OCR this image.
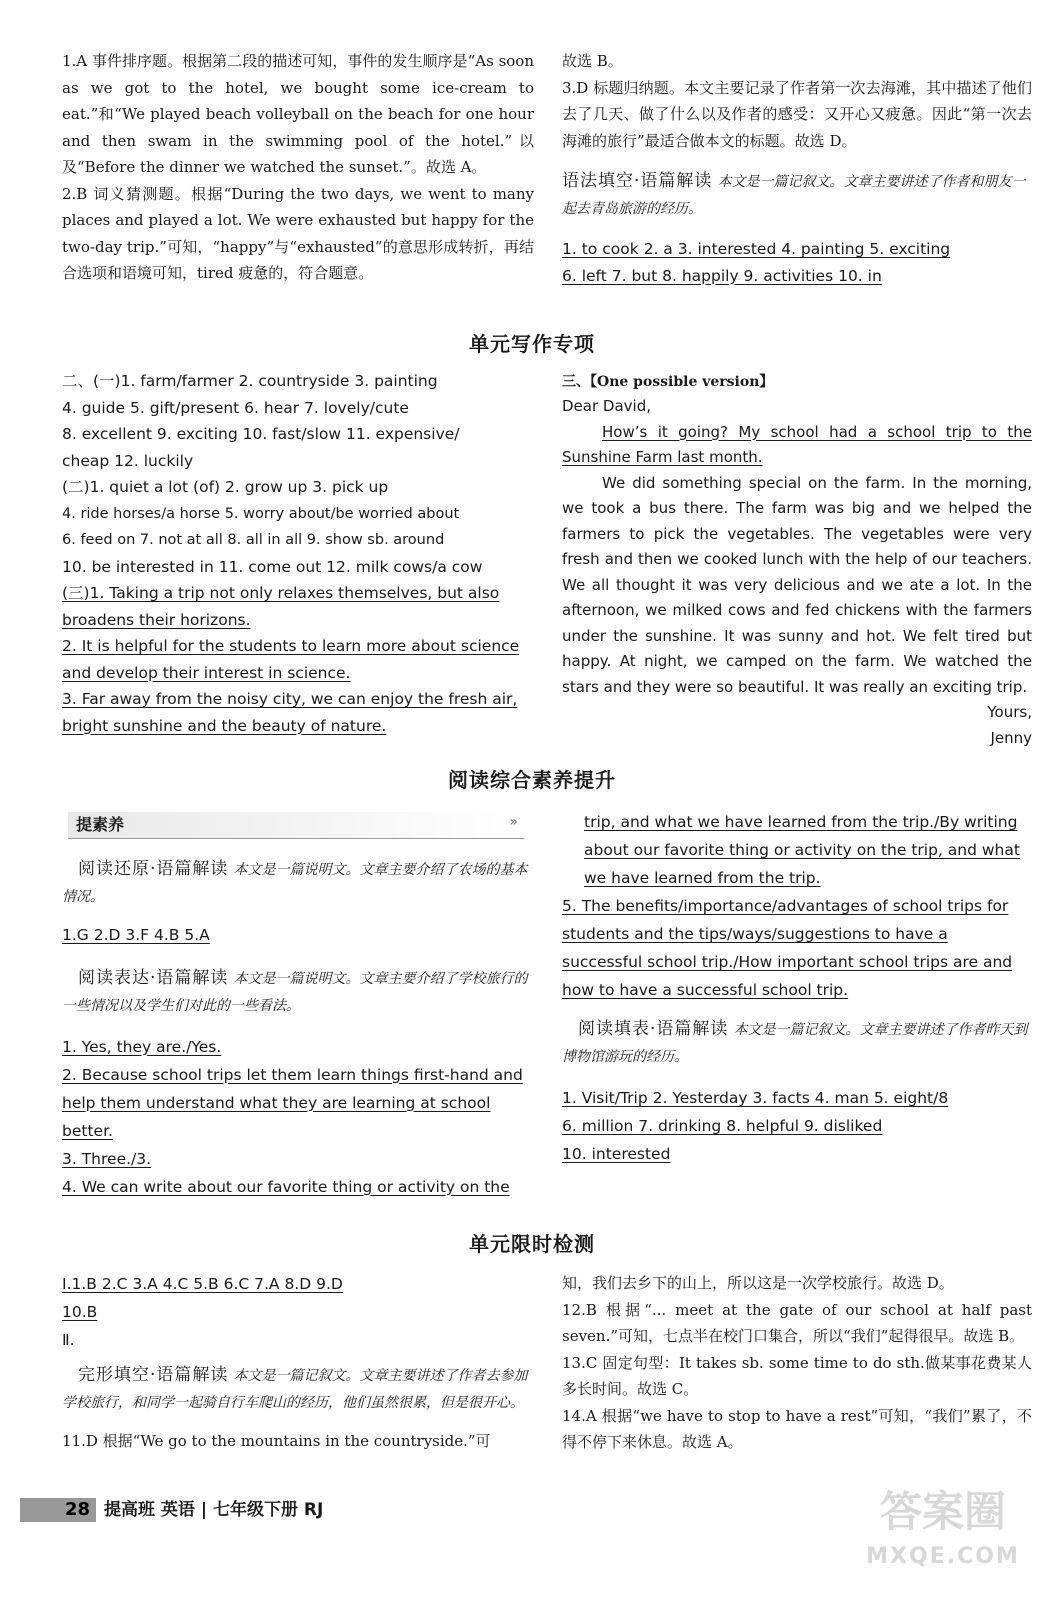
1.A 事件排序题。根据第二段的描述可知，事件的发生顺序是“As soon as we got to the hotel, we bought some ice-cream to eat.”和“We played beach volleyball on the beach for one hour and then swam in the swimming pool of the hotel.”以及“Before the dinner we watched the sunset.”。故选 A。
2.B 词义猜测题。根据“During the two days, we went to many places and played a lot. We were exhausted but happy for the two-day trip.”可知，“happy”与“exhausted”的意思形成转折，再结合选项和语境可知，tired 疲惫的，符合题意。
故选 B。
3.D 标题归纳题。本文主要记录了作者第一次去海滩，其中描述了他们去了几天、做了什么以及作者的感受：又开心又疲惫。因此“第一次去海滩的旅行”最适合做本文的标题。故选 D。
语法填空·语篇解读 本文是一篇记叙文。文章主要讲述了作者和朋友一起去青岛旅游的经历。
1. to cook 2. a 3. interested 4. painting 5. exciting
6. left 7. but 8. happily 9. activities 10. in
单元写作专项
二、(一)1. farm/farmer 2. countryside 3. painting
4. guide 5. gift/present 6. hear 7. lovely/cute
8. excellent 9. exciting 10. fast/slow 11. expensive/
cheap 12. luckily
(二)1. quiet a lot (of) 2. grow up 3. pick up
4. ride horses/a horse 5. worry about/be worried about
6. feed on 7. not at all 8. all in all 9. show sb. around
10. be interested in 11. come out 12. milk cows/a cow
(三)1. Taking a trip not only relaxes themselves, but also broadens their horizons.
2. It is helpful for the students to learn more about science and develop their interest in science.
3. Far away from the noisy city, we can enjoy the fresh air, bright sunshine and the beauty of nature.
三、【One possible version】
Dear David,
How’s it going? My school had a school trip to the Sunshine Farm last month.
We did something special on the farm. In the morning, we took a bus there. The farm was big and we helped the farmers to pick the vegetables. The vegetables were very fresh and then we cooked lunch with the help of our teachers. We all thought it was very delicious and we ate a lot. In the afternoon, we milked cows and fed chickens with the farmers under the sunshine. It was sunny and hot. We felt tired but happy. At night, we camped on the farm. We watched the stars and they were so beautiful. It was really an exciting trip.
Yours,
Jenny
阅读综合素养提升
提素养	»
阅读还原·语篇解读 本文是一篇说明文。文章主要介绍了农场的基本情况。
1.G 2.D 3.F 4.B 5.A
阅读表达·语篇解读 本文是一篇说明文。文章主要介绍了学校旅行的一些情况以及学生们对此的一些看法。
1. Yes, they are./Yes.
2. Because school trips let them learn things first-hand and help them understand what they are learning at school better.
3. Three./3.
4. We can write about our favorite thing or activity on the
trip, and what we have learned from the trip./By writing about our favorite thing or activity on the trip, and what we have learned from the trip.
5. The benefits/importance/advantages of school trips for students and the tips/ways/suggestions to have a successful school trip./How important school trips are and how to have a successful school trip.
阅读填表·语篇解读 本文是一篇记叙文。文章主要讲述了作者昨天到博物馆游玩的经历。
1. Visit/Trip 2. Yesterday 3. facts 4. man 5. eight/8
6. million 7. drinking 8. helpful 9. disliked
10. interested
单元限时检测
Ⅰ.1.B 2.C 3.A 4.C 5.B 6.C 7.A 8.D 9.D
10.B
Ⅱ.
完形填空·语篇解读 本文是一篇记叙文。文章主要讲述了作者去参加学校旅行，和同学一起骑自行车爬山的经历，他们虽然很累，但是很开心。
11.D 根据“We go to the mountains in the countryside.”可
知，我们去乡下的山上，所以这是一次学校旅行。故选 D。
12.B 根据“... meet at the gate of our school at half past seven.”可知，七点半在校门口集合，所以“我们”起得很早。故选 B。
13.C 固定句型：It takes sb. some time to do sth.做某事花费某人多长时间。故选 C。
14.A 根据“we have to stop to have a rest”可知，“我们”累了，不得不停下来休息。故选 A。
28 提高班 英语 | 七年级下册 RJ	答案圈
MXQE.COM
